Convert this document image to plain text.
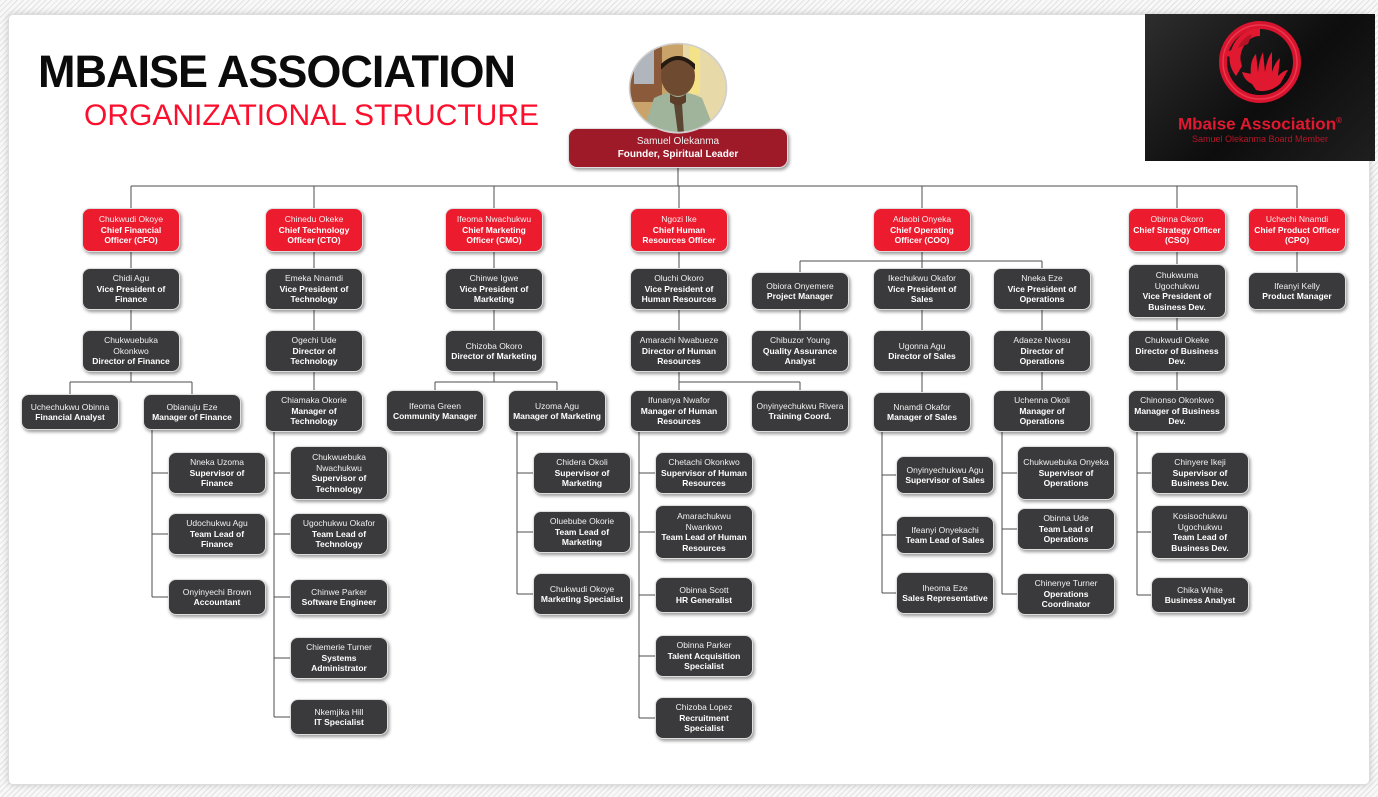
MBAISE ASSOCIATION
ORGANIZATIONAL STRUCTURE
Samuel Olekanma
Founder, Spiritual Leader
Chukwudi Okoye
Chief Financial Officer (CFO)
Chinedu Okeke
Chief Technology Officer (CTO)
Ifeoma Nwachukwu
Chief Marketing Officer (CMO)
Ngozi Ike
Chief Human Resources Officer
Adaobi Onyeka
Chief Operating Officer (COO)
Obinna Okoro
Chief Strategy Officer (CSO)
Uchechi Nnamdi
Chief Product Officer (CPO)
Chidi Agu
Vice President of Finance
Chukwuebuka Okonkwo
Director of Finance
Uchechukwu Obinna
Financial Analyst
Obianuju Eze
Manager of Finance
Nneka Uzoma
Supervisor of Finance
Udochukwu Agu
Team Lead of Finance
Onyinyechi Brown
Accountant
Emeka Nnamdi
Vice President of Technology
Ogechi Ude
Director of Technology
Chiamaka Okorie
Manager of Technology
Chukwuebuka Nwachukwu
Supervisor of Technology
Ugochukwu Okafor
Team Lead of Technology
Chinwe Parker
Software Engineer
Chiemerie Turner
Systems Administrator
Nkemjika Hill
IT Specialist
Chinwe Igwe
Vice President of Marketing
Chizoba Okoro
Director of Marketing
Ifeoma Green
Community Manager
Uzoma Agu
Manager of Marketing
Chidera Okoli
Supervisor of Marketing
Oluebube Okorie
Team Lead of Marketing
Chukwudi Okoye
Marketing Specialist
Oluchi Okoro
Vice President of Human Resources
Amarachi Nwabueze
Director of Human Resources
Ifunanya Nwafor
Manager of Human Resources
Onyinyechukwu Rivera
Training Coord.
Chetachi Okonkwo
Supervisor of Human Resources
Amarachukwu Nwankwo
Team Lead of Human Resources
Obinna Scott
HR Generalist
Obinna Parker
Talent Acquisition Specialist
Chizoba Lopez
Recruitment Specialist
Obiora Onyemere
Project Manager
Chibuzor Young
Quality Assurance Analyst
Ikechukwu Okafor
Vice President of Sales
Ugonna Agu
Director of Sales
Nnamdi Okafor
Manager of Sales
Onyinyechukwu Agu
Supervisor of Sales
Ifeanyi Onyekachi
Team Lead of Sales
Iheoma Eze
Sales Representative
Nneka Eze
Vice President of Operations
Adaeze Nwosu
Director of Operations
Uchenna Okoli
Manager of Operations
Chukwuebuka Onyeka
Supervisor of Operations
Obinna Ude
Team Lead of Operations
Chinenye Turner
Operations Coordinator
Chukwuma Ugochukwu
Vice President of Business Dev.
Chukwudi Okeke
Director of Business Dev.
Chinonso Okonkwo
Manager of Business Dev.
Chinyere Ikeji
Supervisor of Business Dev.
Kosisochukwu Ugochukwu
Team Lead of Business Dev.
Chika White
Business Analyst
Ifeanyi Kelly
Product Manager
ise
Mbaise Association®
Samuel Olekanma Board Member
